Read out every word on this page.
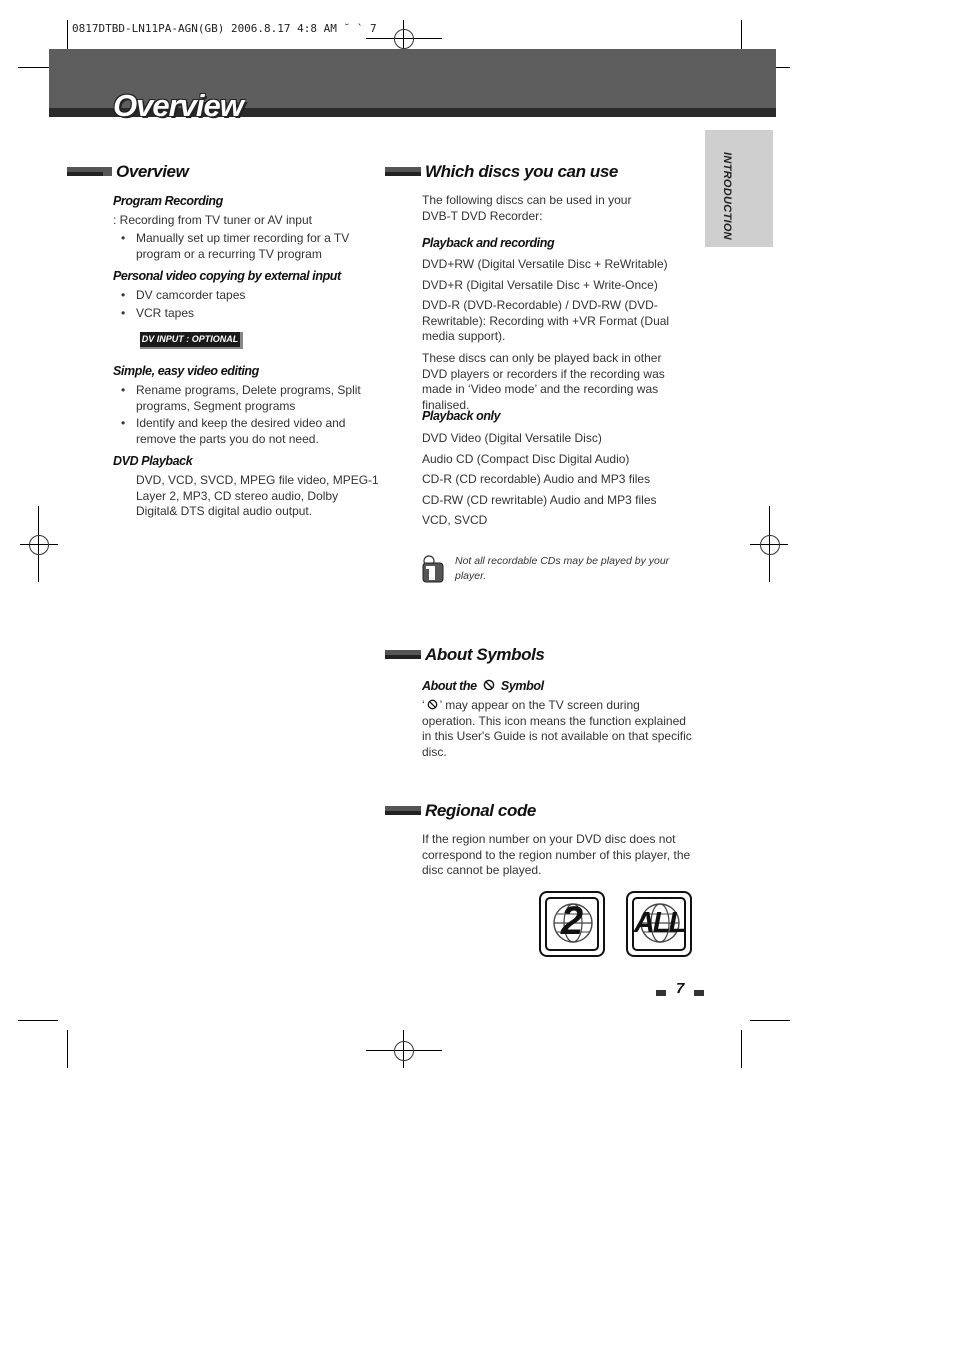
0817DTBD-LN11PA-AGN(GB) 2006.8.17 4:8 AM ˘ ` 7
Overview
INTRODUCTION
Overview
Program Recording
: Recording from TV tuner or AV input
• Manually set up timer recording for a TV program or a recurring TV program
Personal video copying by external input
• DV camcorder tapes
• VCR tapes
DV INPUT : OPTIONAL
Simple, easy video editing
• Rename programs, Delete programs, Split programs, Segment programs
• Identify and keep the desired video and remove the parts you do not need.
DVD Playback
DVD, VCD, SVCD, MPEG file video, MPEG-1 Layer 2, MP3, CD stereo audio, Dolby Digital& DTS digital audio output.
Which discs you can use
The following discs can be used in your DVB-T DVD Recorder:
Playback and recording
DVD+RW (Digital Versatile Disc + ReWritable)
DVD+R (Digital Versatile Disc + Write-Once)
DVD-R (DVD-Recordable) / DVD-RW (DVD-Rewritable): Recording with +VR Format (Dual media support).
These discs can only be played back in other DVD players or recorders if the recording was made in ‘Video mode’ and the recording was finalised.
Playback only
DVD Video (Digital Versatile Disc)
Audio CD (Compact Disc Digital Audio)
CD-R (CD recordable) Audio and MP3 files
CD-RW (CD rewritable) Audio and MP3 files
VCD, SVCD
Not all recordable CDs may be played by your player.
About Symbols
About the Symbol
‘ ’ may appear on the TV screen during operation. This icon means the function explained in this User's Guide is not available on that specific disc.
Regional code
If the region number on your DVD disc does not correspond to the region number of this player, the disc cannot be played.
2	ALL
7
